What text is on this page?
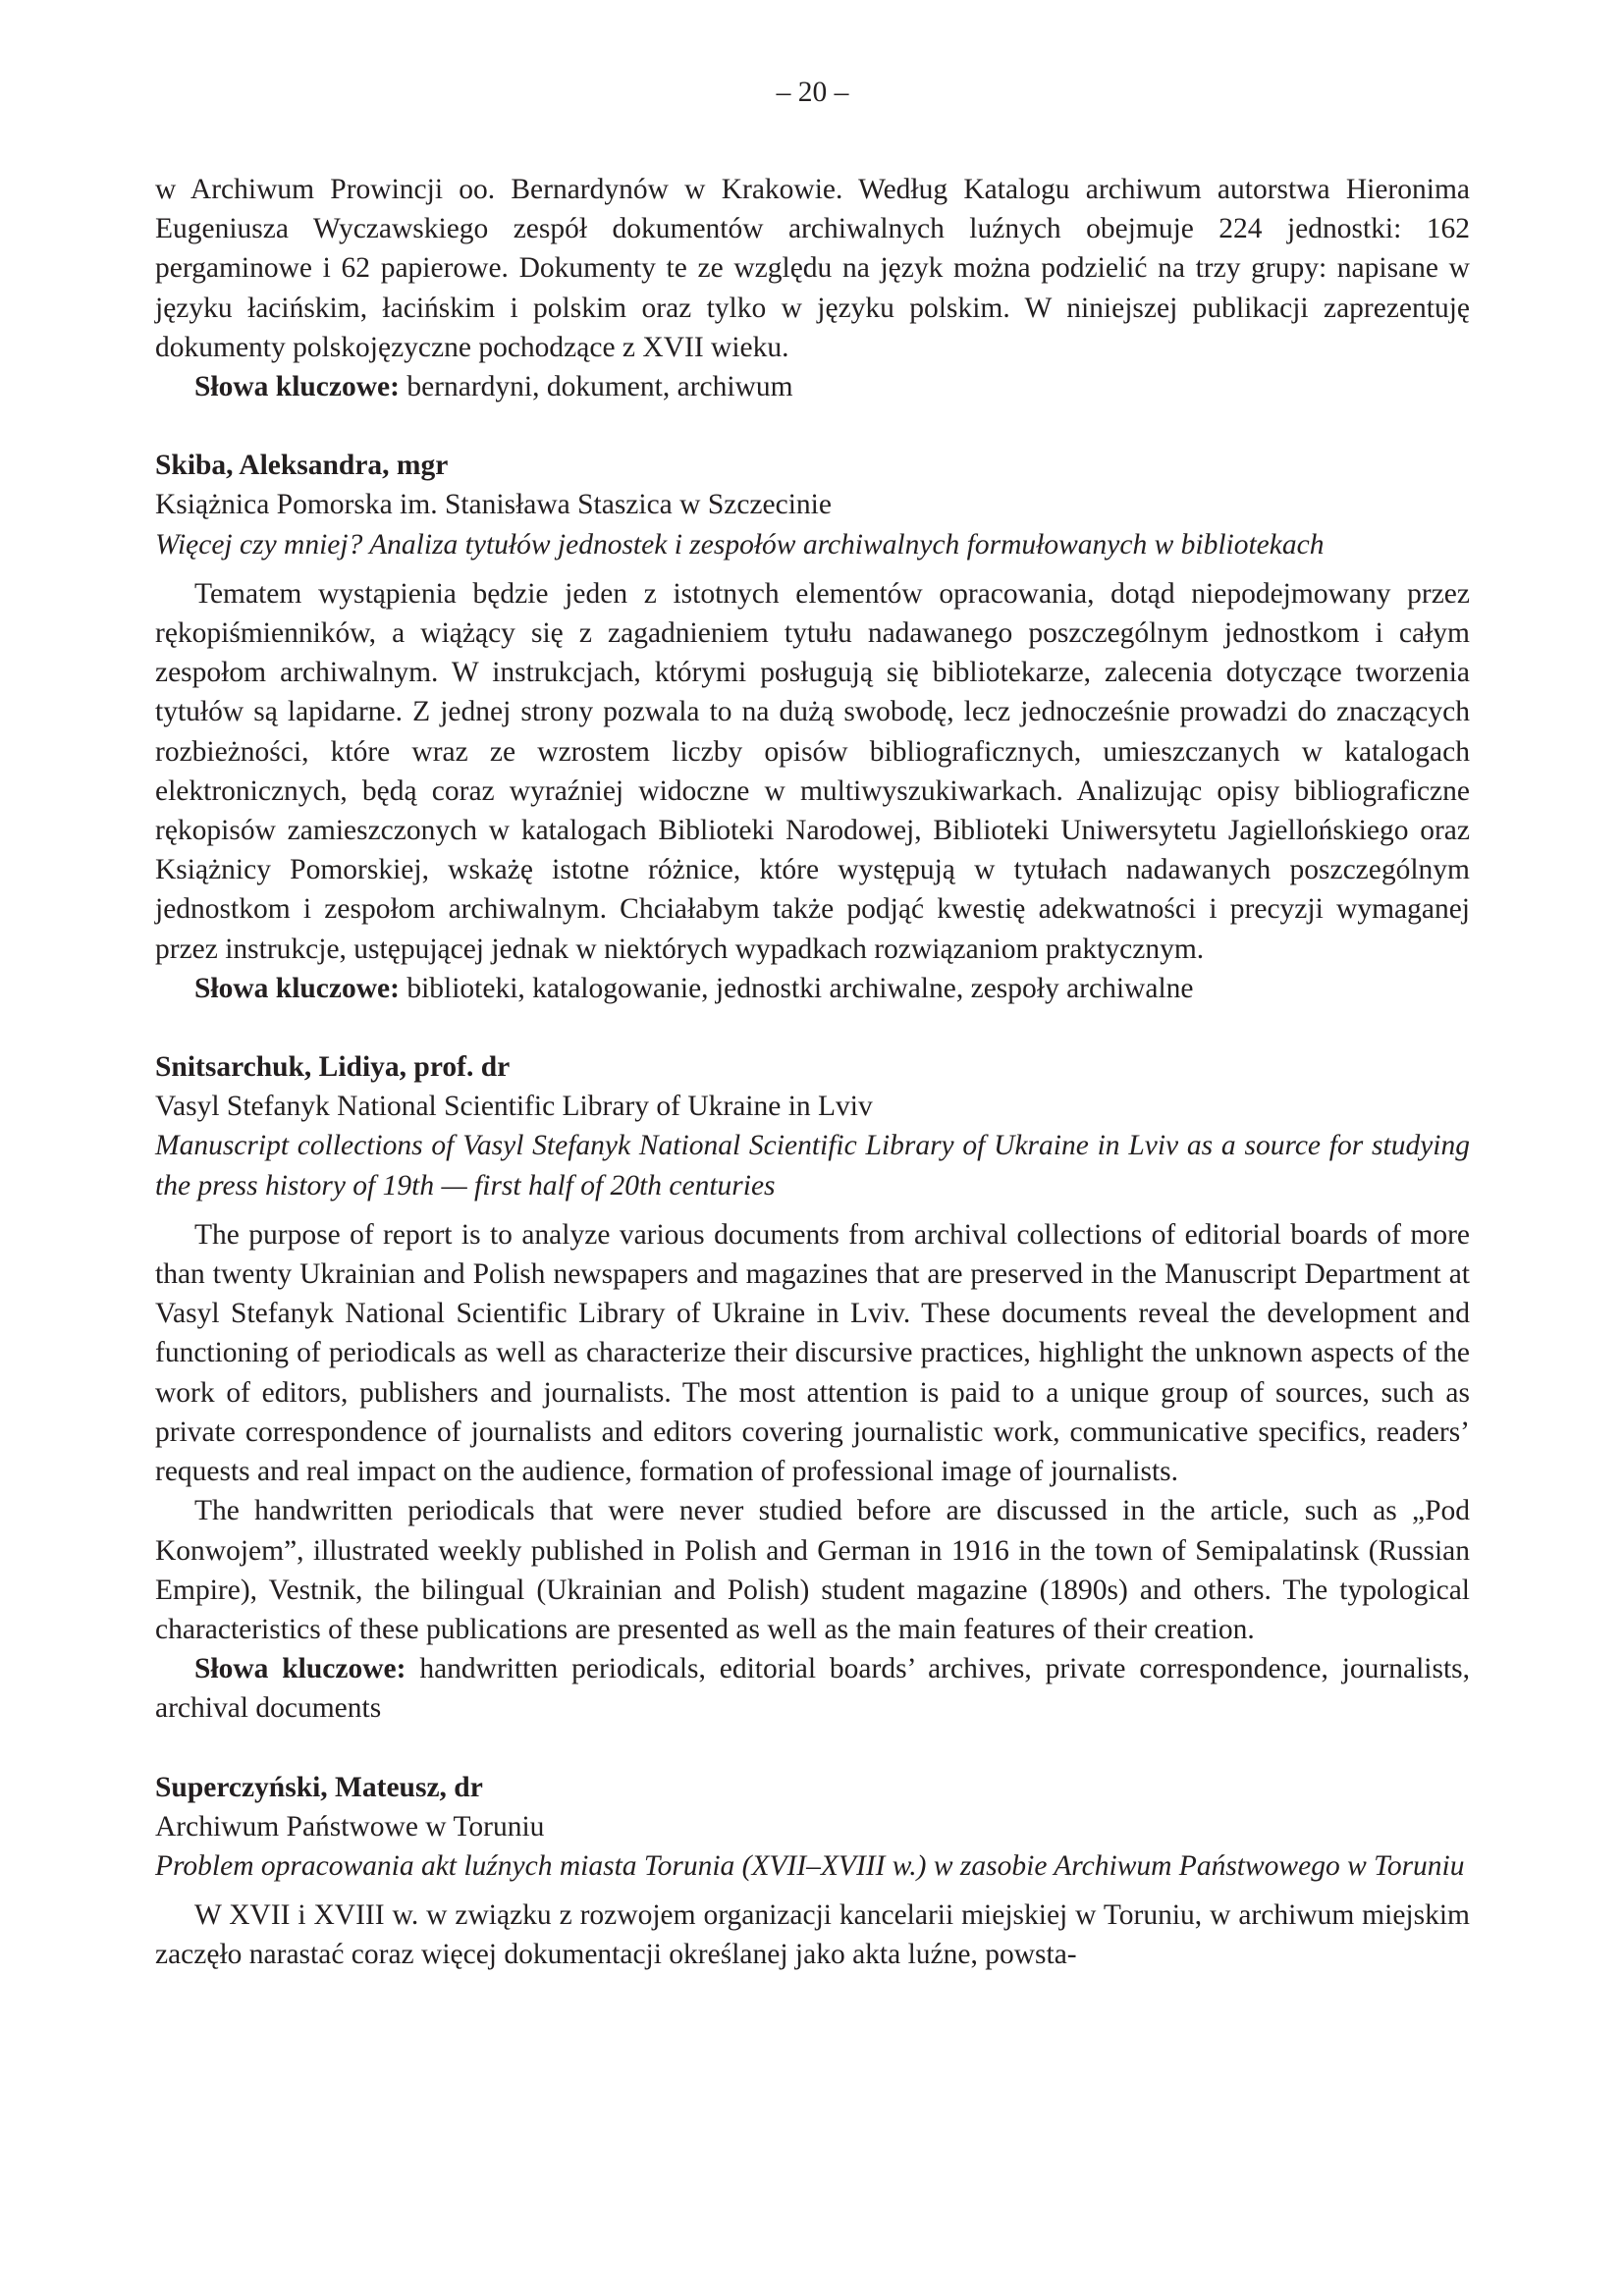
– 20 –

w Archiwum Prowincji oo. Bernardynów w Krakowie. Według Katalogu archiwum autorstwa Hieronima Eugeniusza Wyczawskiego zespół dokumentów archiwalnych luźnych obejmuje 224 jednostki: 162 pergaminowe i 62 papierowe. Dokumenty te ze względu na język można podzielić na trzy grupy: napisane w języku łacińskim, łacińskim i polskim oraz tylko w języku polskim. W niniejszej publikacji zaprezentuję dokumenty polskojęzyczne pochodzące z XVII wieku.

Słowa kluczowe: bernardyni, dokument, archiwum

Skiba, Aleksandra, mgr

Książnica Pomorska im. Stanisława Staszica w Szczecinie

Więcej czy mniej? Analiza tytułów jednostek i zespołów archiwalnych formułowanych w bibliotekach

Tematem wystąpienia będzie jeden z istotnych elementów opracowania, dotąd niepodejmowany przez rękopiśmienników, a wiążący się z zagadnieniem tytułu nadawanego poszczególnym jednostkom i całym zespołom archiwalnym. W instrukcjach, którymi posługują się bibliotekarze, zalecenia dotyczące tworzenia tytułów są lapidarne. Z jednej strony pozwala to na dużą swobodę, lecz jednocześnie prowadzi do znaczących rozbieżności, które wraz ze wzrostem liczby opisów bibliograficznych, umieszczanych w katalogach elektronicznych, będą coraz wyraźniej widoczne w multiwyszukiwarkach. Analizując opisy bibliograficzne rękopisów zamieszczonych w katalogach Biblioteki Narodowej, Biblioteki Uniwersytetu Jagiellońskiego oraz Książnicy Pomorskiej, wskażę istotne różnice, które występują w tytułach nadawanych poszczególnym jednostkom i zespołom archiwalnym. Chciałabym także podjąć kwestię adekwatności i precyzji wymaganej przez instrukcje, ustępującej jednak w niektórych wypadkach rozwiązaniom praktycznym.

Słowa kluczowe: biblioteki, katalogowanie, jednostki archiwalne, zespoły archiwalne

Snitsarchuk, Lidiya, prof. dr

Vasyl Stefanyk National Scientific Library of Ukraine in Lviv

Manuscript collections of Vasyl Stefanyk National Scientific Library of Ukraine in Lviv as a source for studying the press history of 19th — first half of 20th centuries

The purpose of report is to analyze various documents from archival collections of editorial boards of more than twenty Ukrainian and Polish newspapers and magazines that are preserved in the Manuscript Department at Vasyl Stefanyk National Scientific Library of Ukraine in Lviv. These documents reveal the development and functioning of periodicals as well as characterize their discursive practices, highlight the unknown aspects of the work of editors, publishers and journalists. The most attention is paid to a unique group of sources, such as private correspondence of journalists and editors covering journalistic work, communicative specifics, readers’ requests and real impact on the audience, formation of professional image of journalists.

The handwritten periodicals that were never studied before are discussed in the article, such as „Pod Konwojem”, illustrated weekly published in Polish and German in 1916 in the town of Semipalatinsk (Russian Empire), Vestnik, the bilingual (Ukrainian and Polish) student magazine (1890s) and others. The typological characteristics of these publications are presented as well as the main features of their creation.

Słowa kluczowe: handwritten periodicals, editorial boards’ archives, private correspondence, journalists, archival documents

Superczyński, Mateusz, dr

Archiwum Państwowe w Toruniu

Problem opracowania akt luźnych miasta Torunia (XVII–XVIII w.) w zasobie Archiwum Państwowego w Toruniu

W XVII i XVIII w. w związku z rozwojem organizacji kancelarii miejskiej w Toruniu, w archiwum miejskim zaczęło narastać coraz więcej dokumentacji określanej jako akta luźne, powsta-
